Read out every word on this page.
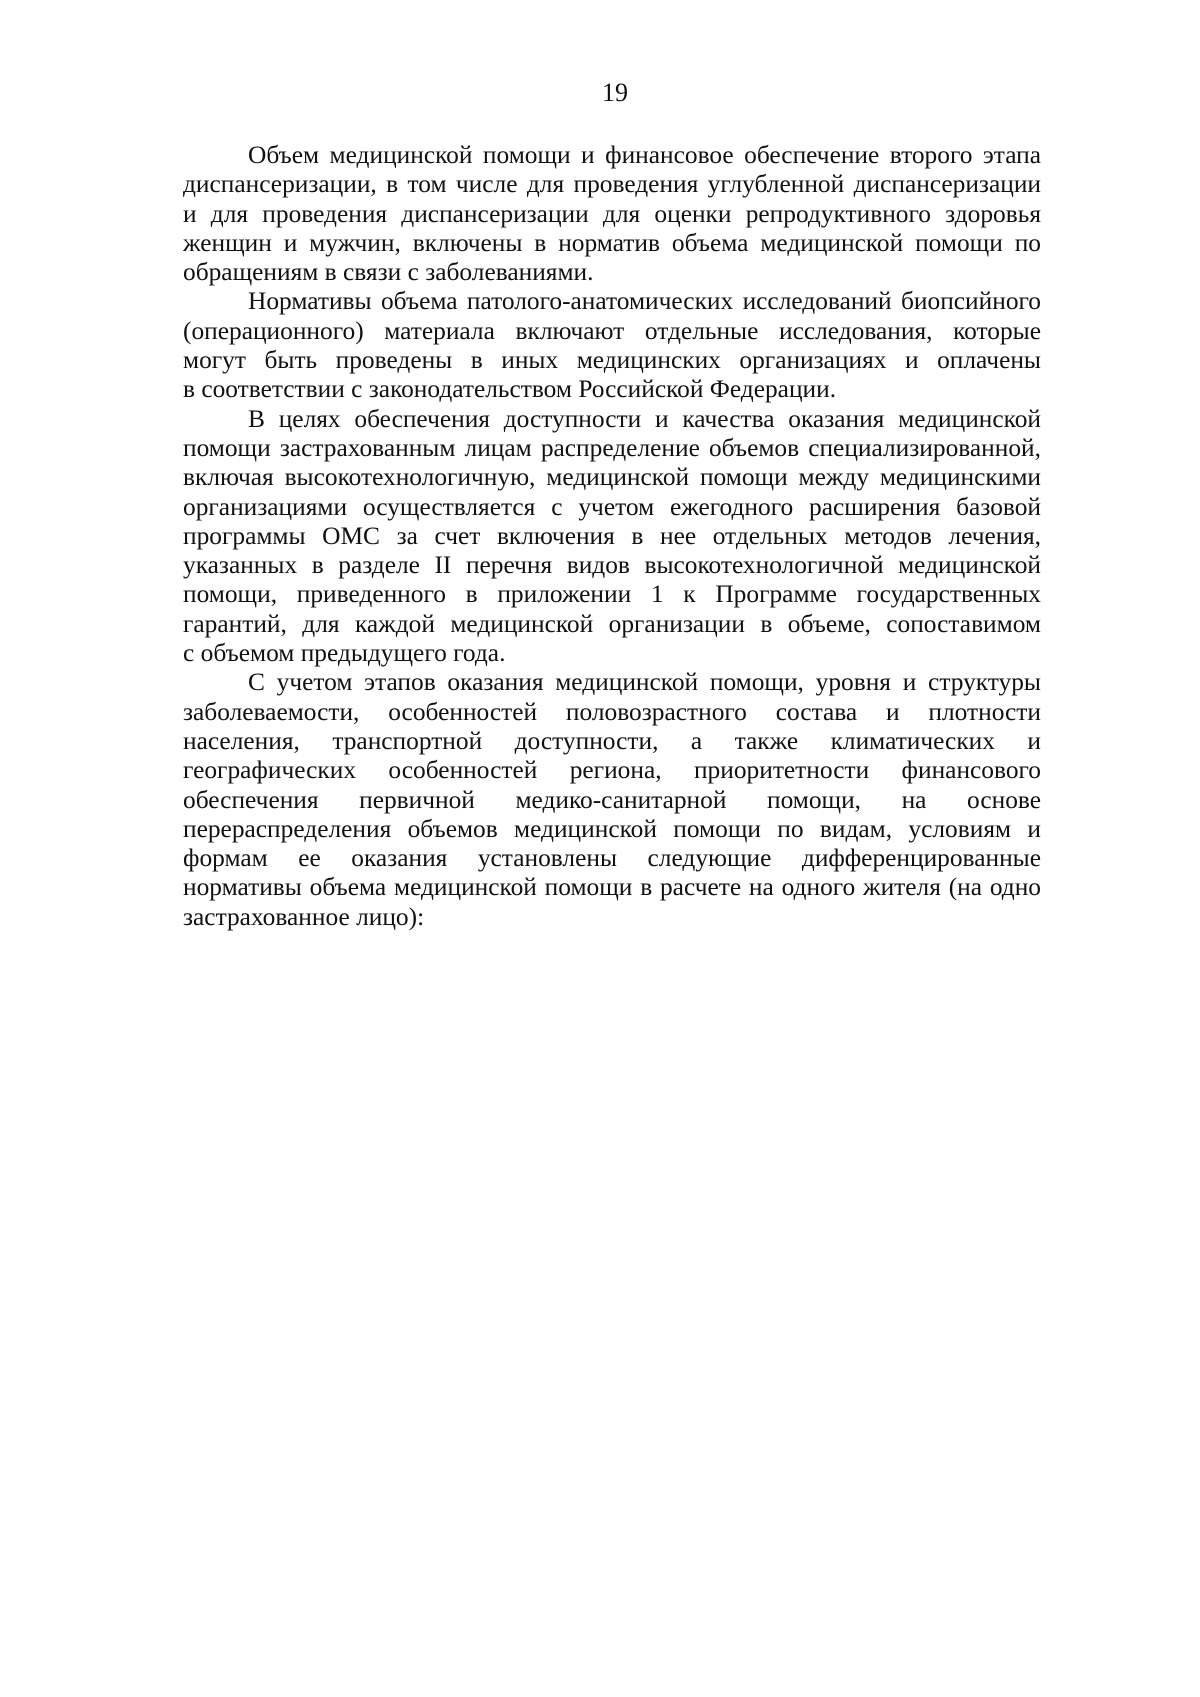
19
Объем медицинской помощи и финансовое обеспечение второго этапа
диспансеризации, в том числе для проведения углубленной диспансеризации
и для проведения диспансеризации для оценки репродуктивного здоровья
женщин и мужчин, включены в норматив объема медицинской помощи по
обращениям в связи с заболеваниями.
Нормативы объема патолого-анатомических исследований биопсийного
(операционного) материала включают отдельные исследования, которые
могут быть проведены в иных медицинских организациях и оплачены
в соответствии с законодательством Российской Федерации.
В целях обеспечения доступности и качества оказания медицинской
помощи застрахованным лицам распределение объемов специализированной,
включая высокотехнологичную, медицинской помощи между медицинскими
организациями осуществляется с учетом ежегодного расширения базовой
программы ОМС за счет включения в нее отдельных методов лечения,
указанных в разделе II перечня видов высокотехнологичной медицинской
помощи, приведенного в приложении 1 к Программе государственных
гарантий, для каждой медицинской организации в объеме, сопоставимом
с объемом предыдущего года.
С учетом этапов оказания медицинской помощи, уровня и структуры
заболеваемости, особенностей половозрастного состава и плотности
населения, транспортной доступности, а также климатических и
географических особенностей региона, приоритетности финансового
обеспечения первичной медико-санитарной помощи, на основе
перераспределения объемов медицинской помощи по видам, условиям и
формам ее оказания установлены следующие дифференцированные
нормативы объема медицинской помощи в расчете на одного жителя (на одно
застрахованное лицо):
